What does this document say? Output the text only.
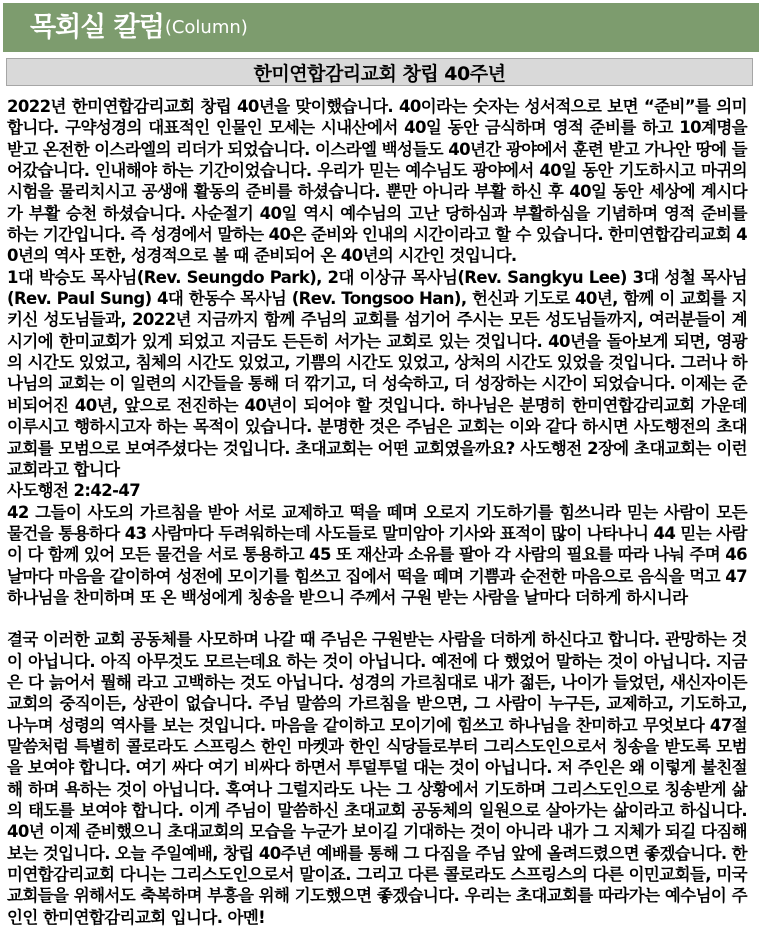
목회실 칼럼 (Column)
한미연합감리교회 창립 40주년

2022년 한미연합감리교회 창립 40년을 맞이했습니다. 40이라는 숫자는 성서적으로 보면 “준비”를 의미합니다. 구약성경의 대표적인 인물인 모세는 시내산에서 40일 동안 금식하며 영적 준비를 하고 10계명을 받고 온전한 이스라엘의 리더가 되었습니다. 이스라엘 백성들도 40년간 광야에서 훈련 받고 가나안 땅에 들어갔습니다. 인내해야 하는 기간이었습니다. 우리가 믿는 예수님도 광야에서 40일 동안 기도하시고 마귀의 시험을 물리치시고 공생애 활동의 준비를 하셨습니다. 뿐만 아니라 부활 하신 후 40일 동안 세상에 계시다가 부활 승천 하셨습니다. 사순절기 40일 역시 예수님의 고난 당하심과 부활하심을 기념하며 영적 준비를 하는 기간입니다. 즉 성경에서 말하는 40은 준비와 인내의 시간이라고 할 수 있습니다. 한미연합감리교회 40년의 역사 또한, 성경적으로 볼 때 준비되어 온 40년의 시간인 것입니다.

1대 박승도 목사님(Rev. Seungdo Park), 2대 이상규 목사님(Rev. Sangkyu Lee) 3대 성철 목사님(Rev. Paul Sung) 4대 한동수 목사님 (Rev. Tongsoo Han), 헌신과 기도로 40년, 함께 이 교회를 지키신 성도님들과, 2022년 지금까지 함께 주님의 교회를 섬기어 주시는 모든 성도님들까지, 여러분들이 계시기에 한미교회가 있게 되었고 지금도 든든히 서가는 교회로 있는 것입니다. 40년을 돌아보게 되면, 영광의 시간도 있었고, 침체의 시간도 있었고, 기쁨의 시간도 있었고, 상처의 시간도 있었을 것입니다. 그러나 하나님의 교회는 이 일련의 시간들을 통해 더 깎기고, 더 성숙하고, 더 성장하는 시간이 되었습니다. 이제는 준비되어진 40년, 앞으로 전진하는 40년이 되어야 할 것입니다. 하나님은 분명히 한미연합감리교회 가운데 이루시고 행하시고자 하는 목적이 있습니다. 분명한 것은 주님은 교회는 이와 같다 하시면 사도행전의 초대교회를 모범으로 보여주셨다는 것입니다. 초대교회는 어떤 교회였을까요? 사도행전 2장에 초대교회는 이런 교회라고 합니다

사도행전 2:42-47

42 그들이 사도의 가르침을 받아 서로 교제하고 떡을 떼며 오로지 기도하기를 힘쓰니라 믿는 사람이 모든 물건을 통용하다 43 사람마다 두려워하는데 사도들로 말미암아 기사와 표적이 많이 나타나니 44 믿는 사람이 다 함께 있어 모든 물건을 서로 통용하고 45 또 재산과 소유를 팔아 각 사람의 필요를 따라 나눠 주며 46 날마다 마음을 같이하여 성전에 모이기를 힘쓰고 집에서 떡을 떼며 기쁨과 순전한 마음으로 음식을 먹고 47 하나님을 찬미하며 또 온 백성에게 칭송을 받으니 주께서 구원 받는 사람을 날마다 더하게 하시니라

결국 이러한 교회 공동체를 사모하며 나갈 때 주님은 구원받는 사람을 더하게 하신다고 합니다. 관망하는 것이 아닙니다. 아직 아무것도 모르는데요 하는 것이 아닙니다. 예전에 다 했었어 말하는 것이 아닙니다. 지금은 다 늙어서 뭘해 라고 고백하는 것도 아닙니다. 성경의 가르침대로 내가 젊든, 나이가 들었던, 새신자이든 교회의 중직이든, 상관이 없습니다. 주님 말씀의 가르침을 받으면, 그 사람이 누구든, 교제하고, 기도하고, 나누며 성령의 역사를 보는 것입니다. 마음을 같이하고 모이기에 힘쓰고 하나님을 찬미하고 무엇보다 47절 말씀처럼 특별히 콜로라도 스프링스 한인 마켓과 한인 식당들로부터 그리스도인으로서 칭송을 받도록 모범을 보여야 합니다. 여기 싸다 여기 비싸다 하면서 투덜투덜 대는 것이 아닙니다. 저 주인은 왜 이렇게 불친절해 하며 욕하는 것이 아닙니다. 혹여나 그럴지라도 나는 그 상황에서 기도하며 그리스도인으로 칭송받게 삶의 태도를 보여야 합니다. 이게 주님이 말씀하신 초대교회 공동체의 일원으로 살아가는 삶이라고 하십니다. 40년 이제 준비했으니 초대교회의 모습을 누군가 보이길 기대하는 것이 아니라 내가 그 지체가 되길 다짐해보는 것입니다. 오늘 주일예배, 창립 40주년 예배를 통해 그 다짐을 주님 앞에 올려드렸으면 좋겠습니다. 한미연합감리교회 다니는 그리스도인으로서 말이죠. 그리고 다른 콜로라도 스프링스의 다른 이민교회들, 미국교회들을 위해서도 축복하며 부흥을 위해 기도했으면 좋겠습니다. 우리는 초대교회를 따라가는 예수님이 주인인 한미연합감리교회 입니다. 아멘!
